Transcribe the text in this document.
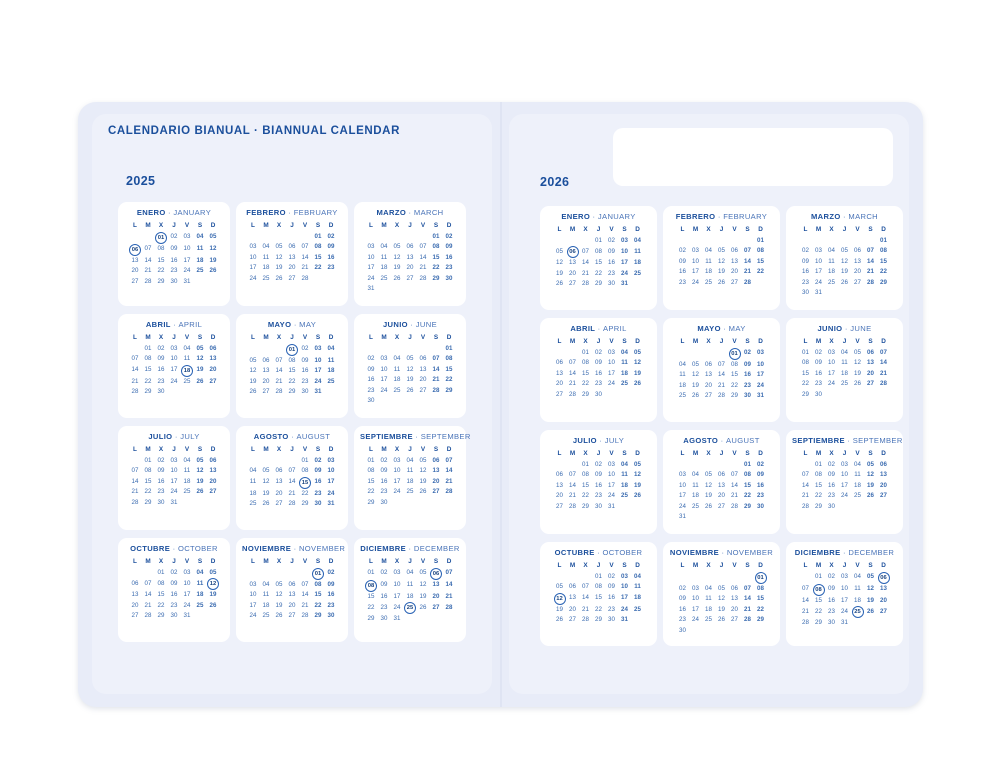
CALENDARIO BIANUAL · BIANNUAL CALENDAR
2025	2026
ENERO · JANUARY
L	M	X	J	V	S	D
		01	02	03	04	05
06	07	08	09	10	11	12
13	14	15	16	17	18	19
20	21	22	23	24	25	26
27	28	29	30	31		
FEBRERO · FEBRUARY
L	M	X	J	V	S	D
					01	02
03	04	05	06	07	08	09
10	11	12	13	14	15	16
17	18	19	20	21	22	23
24	25	26	27	28		
MARZO · MARCH
L	M	X	J	V	S	D
					01	02
03	04	05	06	07	08	09
10	11	12	13	14	15	16
17	18	19	20	21	22	23
24	25	26	27	28	29	30
31						
ABRIL · APRIL
L	M	X	J	V	S	D
	01	02	03	04	05	06
07	08	09	10	11	12	13
14	15	16	17	18	19	20
21	22	23	24	25	26	27
28	29	30				
MAYO · MAY
L	M	X	J	V	S	D
			01	02	03	04
05	06	07	08	09	10	11
12	13	14	15	16	17	18
19	20	21	22	23	24	25
26	27	28	29	30	31	
JUNIO · JUNE
L	M	X	J	V	S	D
						01
02	03	04	05	06	07	08
09	10	11	12	13	14	15
16	17	18	19	20	21	22
23	24	25	26	27	28	29
30						
JULIO · JULY
L	M	X	J	V	S	D
	01	02	03	04	05	06
07	08	09	10	11	12	13
14	15	16	17	18	19	20
21	22	23	24	25	26	27
28	29	30	31			
AGOSTO · AUGUST
L	M	X	J	V	S	D
				01	02	03
04	05	06	07	08	09	10
11	12	13	14	15	16	17
18	19	20	21	22	23	24
25	26	27	28	29	30	31
SEPTIEMBRE · SEPTEMBER
L	M	X	J	V	S	D
01	02	03	04	05	06	07
08	09	10	11	12	13	14
15	16	17	18	19	20	21
22	23	24	25	26	27	28
29	30					
OCTUBRE · OCTOBER
L	M	X	J	V	S	D
		01	02	03	04	05
06	07	08	09	10	11	12
13	14	15	16	17	18	19
20	21	22	23	24	25	26
27	28	29	30	31		
NOVIEMBRE · NOVEMBER
L	M	X	J	V	S	D
					01	02
03	04	05	06	07	08	09
10	11	12	13	14	15	16
17	18	19	20	21	22	23
24	25	26	27	28	29	30
DICIEMBRE · DECEMBER
L	M	X	J	V	S	D
01	02	03	04	05	06	07
08	09	10	11	12	13	14
15	16	17	18	19	20	21
22	23	24	25	26	27	28
29	30	31				
ENERO · JANUARY
L	M	X	J	V	S	D
			01	02	03	04
05	06	07	08	09	10	11
12	13	14	15	16	17	18
19	20	21	22	23	24	25
26	27	28	29	30	31	
FEBRERO · FEBRUARY
L	M	X	J	V	S	D
						01
02	03	04	05	06	07	08
09	10	11	12	13	14	15
16	17	18	19	20	21	22
23	24	25	26	27	28	
MARZO · MARCH
L	M	X	J	V	S	D
						01
02	03	04	05	06	07	08
09	10	11	12	13	14	15
16	17	18	19	20	21	22
23	24	25	26	27	28	29
30	31					
ABRIL · APRIL
L	M	X	J	V	S	D
		01	02	03	04	05
06	07	08	09	10	11	12
13	14	15	16	17	18	19
20	21	22	23	24	25	26
27	28	29	30			
MAYO · MAY
L	M	X	J	V	S	D
				01	02	03
04	05	06	07	08	09	10
11	12	13	14	15	16	17
18	19	20	21	22	23	24
25	26	27	28	29	30	31
JUNIO · JUNE
L	M	X	J	V	S	D
01	02	03	04	05	06	07
08	09	10	11	12	13	14
15	16	17	18	19	20	21
22	23	24	25	26	27	28
29	30					
JULIO · JULY
L	M	X	J	V	S	D
		01	02	03	04	05
06	07	08	09	10	11	12
13	14	15	16	17	18	19
20	21	22	23	24	25	26
27	28	29	30	31		
AGOSTO · AUGUST
L	M	X	J	V	S	D
					01	02
03	04	05	06	07	08	09
10	11	12	13	14	15	16
17	18	19	20	21	22	23
24	25	26	27	28	29	30
31						
SEPTIEMBRE · SEPTEMBER
L	M	X	J	V	S	D
	01	02	03	04	05	06
07	08	09	10	11	12	13
14	15	16	17	18	19	20
21	22	23	24	25	26	27
28	29	30				
OCTUBRE · OCTOBER
L	M	X	J	V	S	D
			01	02	03	04
05	06	07	08	09	10	11
12	13	14	15	16	17	18
19	20	21	22	23	24	25
26	27	28	29	30	31	
NOVIEMBRE · NOVEMBER
L	M	X	J	V	S	D
						01
02	03	04	05	06	07	08
09	10	11	12	13	14	15
16	17	18	19	20	21	22
23	24	25	26	27	28	29
30						
DICIEMBRE · DECEMBER
L	M	X	J	V	S	D
	01	02	03	04	05	06
07	08	09	10	11	12	13
14	15	16	17	18	19	20
21	22	23	24	25	26	27
28	29	30	31			
